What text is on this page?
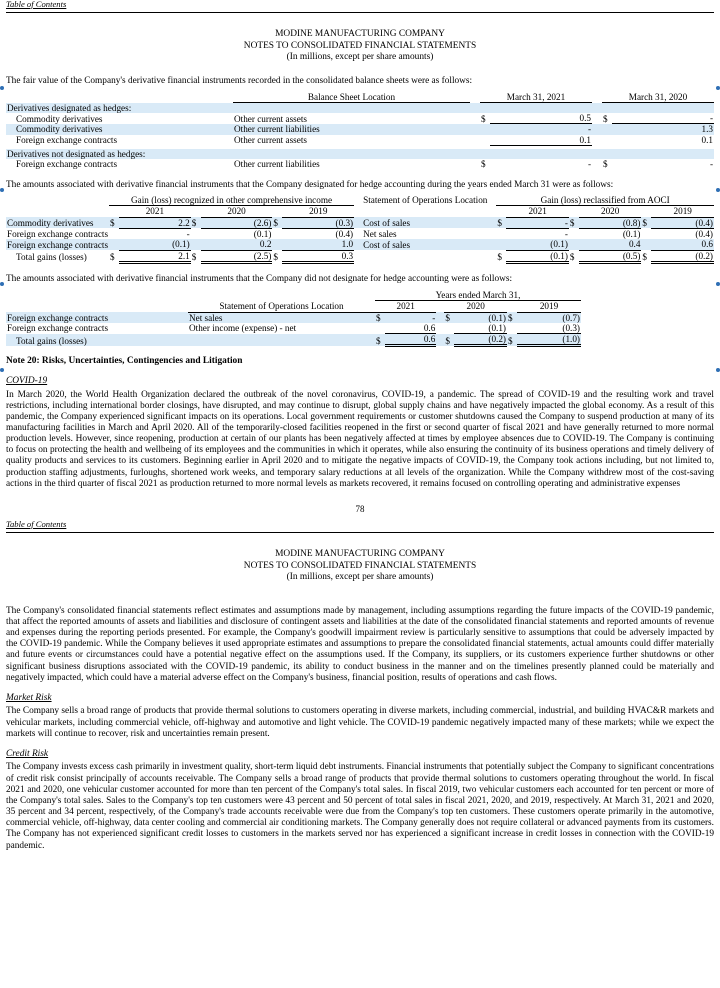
Table of Contents
MODINE MANUFACTURING COMPANY
NOTES TO CONSOLIDATED FINANCIAL STATEMENTS
(In millions, except per share amounts)
The fair value of the Company's derivative financial instruments recorded in the consolidated balance sheets were as follows:
	Balance Sheet Location		March 31, 2021			March 31, 2020	
Derivatives designated as hedges:							
Commodity derivatives	Other current assets		$	0.5		$	-
Commodity derivatives	Other current liabilities			-			1.3
Foreign exchange contracts	Other current assets			0.1			0.1

Derivatives not designated as hedges:							
Foreign exchange contracts	Other current liabilities		$	-		$	-
The amounts associated with derivative financial instruments that the Company designated for hedge accounting during the years ended March 31 were as follows:
	Gain (loss) recognized in other comprehensive income							Statement of Operations Location		Gain (loss) reclassified from AOCI					
		2021		2020		2019					2021		2020		2019
Commodity derivatives	$	2.2	$	(2.6)	$	(0.3)		Cost of sales		$	-	$	(0.8)	$	(0.4)
Foreign exchange contracts		-		(0.1)		(0.4)		Net sales			-		(0.1)		(0.4)
Foreign exchange contracts		(0.1)		0.2		1.0		Cost of sales			(0.1)		0.4		0.6
Total gains (losses)	$	2.1	$	(2.5)	$	0.3				$	(0.1)	$	(0.5)	$	(0.2)
The amounts associated with derivative financial instruments that the Company did not designate for hedge accounting were as follows:
		Years ended March 31,						
	Statement of Operations Location	2021			2020			2019
Foreign exchange contracts	Net sales	$	-		$	(0.1)	$	(0.7)
Foreign exchange contracts	Other income (expense) - net		0.6			(0.1)		(0.3)
Total gains (losses)		$	0.6		$	(0.2)	$	(1.0)
Note 20: Risks, Uncertainties, Contingencies and Litigation
COVID-19
In March 2020, the World Health Organization declared the outbreak of the novel coronavirus, COVID-19, a pandemic. The spread of COVID-19 and the resulting work and travel restrictions, including international border closings, have disrupted, and may continue to disrupt, global supply chains and have negatively impacted the global economy. As a result of this pandemic, the Company experienced significant impacts on its operations. Local government requirements or customer shutdowns caused the Company to suspend production at many of its manufacturing facilities in March and April 2020. All of the temporarily-closed facilities reopened in the first or second quarter of fiscal 2021 and have generally returned to more normal production levels. However, since reopening, production at certain of our plants has been negatively affected at times by employee absences due to COVID-19. The Company is continuing to focus on protecting the health and wellbeing of its employees and the communities in which it operates, while also ensuring the continuity of its business operations and timely delivery of quality products and services to its customers. Beginning earlier in April 2020 and to mitigate the negative impacts of COVID-19, the Company took actions including, but not limited to, production staffing adjustments, furloughs, shortened work weeks, and temporary salary reductions at all levels of the organization. While the Company withdrew most of the cost-saving actions in the third quarter of fiscal 2021 as production returned to more normal levels as markets recovered, it remains focused on controlling operating and administrative expenses
78
Table of Contents
MODINE MANUFACTURING COMPANY
NOTES TO CONSOLIDATED FINANCIAL STATEMENTS
(In millions, except per share amounts)
The Company's consolidated financial statements reflect estimates and assumptions made by management, including assumptions regarding the future impacts of the COVID-19 pandemic, that affect the reported amounts of assets and liabilities and disclosure of contingent assets and liabilities at the date of the consolidated financial statements and reported amounts of revenue and expenses during the reporting periods presented. For example, the Company's goodwill impairment review is particularly sensitive to assumptions that could be adversely impacted by the COVID-19 pandemic. While the Company believes it used appropriate estimates and assumptions to prepare the consolidated financial statements, actual amounts could differ materially and future events or circumstances could have a potential negative effect on the assumptions used. If the Company, its suppliers, or its customers experience further shutdowns or other significant business disruptions associated with the COVID-19 pandemic, its ability to conduct business in the manner and on the timelines presently planned could be materially and negatively impacted, which could have a material adverse effect on the Company's business, financial position, results of operations and cash flows.
Market Risk
The Company sells a broad range of products that provide thermal solutions to customers operating in diverse markets, including commercial, industrial, and building HVAC&R markets and vehicular markets, including commercial vehicle, off-highway and automotive and light vehicle. The COVID-19 pandemic negatively impacted many of these markets; while we expect the markets will continue to recover, risk and uncertainties remain present.
Credit Risk
The Company invests excess cash primarily in investment quality, short-term liquid debt instruments. Financial instruments that potentially subject the Company to significant concentrations of credit risk consist principally of accounts receivable. The Company sells a broad range of products that provide thermal solutions to customers operating throughout the world. In fiscal 2021 and 2020, one vehicular customer accounted for more than ten percent of the Company's total sales. In fiscal 2019, two vehicular customers each accounted for ten percent or more of the Company's total sales. Sales to the Company's top ten customers were 43 percent and 50 percent of total sales in fiscal 2021, 2020, and 2019, respectively. At March 31, 2021 and 2020, 35 percent and 34 percent, respectively, of the Company's trade accounts receivable were due from the Company's top ten customers. These customers operate primarily in the automotive, commercial vehicle, off-highway, data center cooling and commercial air conditioning markets. The Company generally does not require collateral or advanced payments from its customers. The Company has not experienced significant credit losses to customers in the markets served nor has experienced a significant increase in credit losses in connection with the COVID-19 pandemic.
